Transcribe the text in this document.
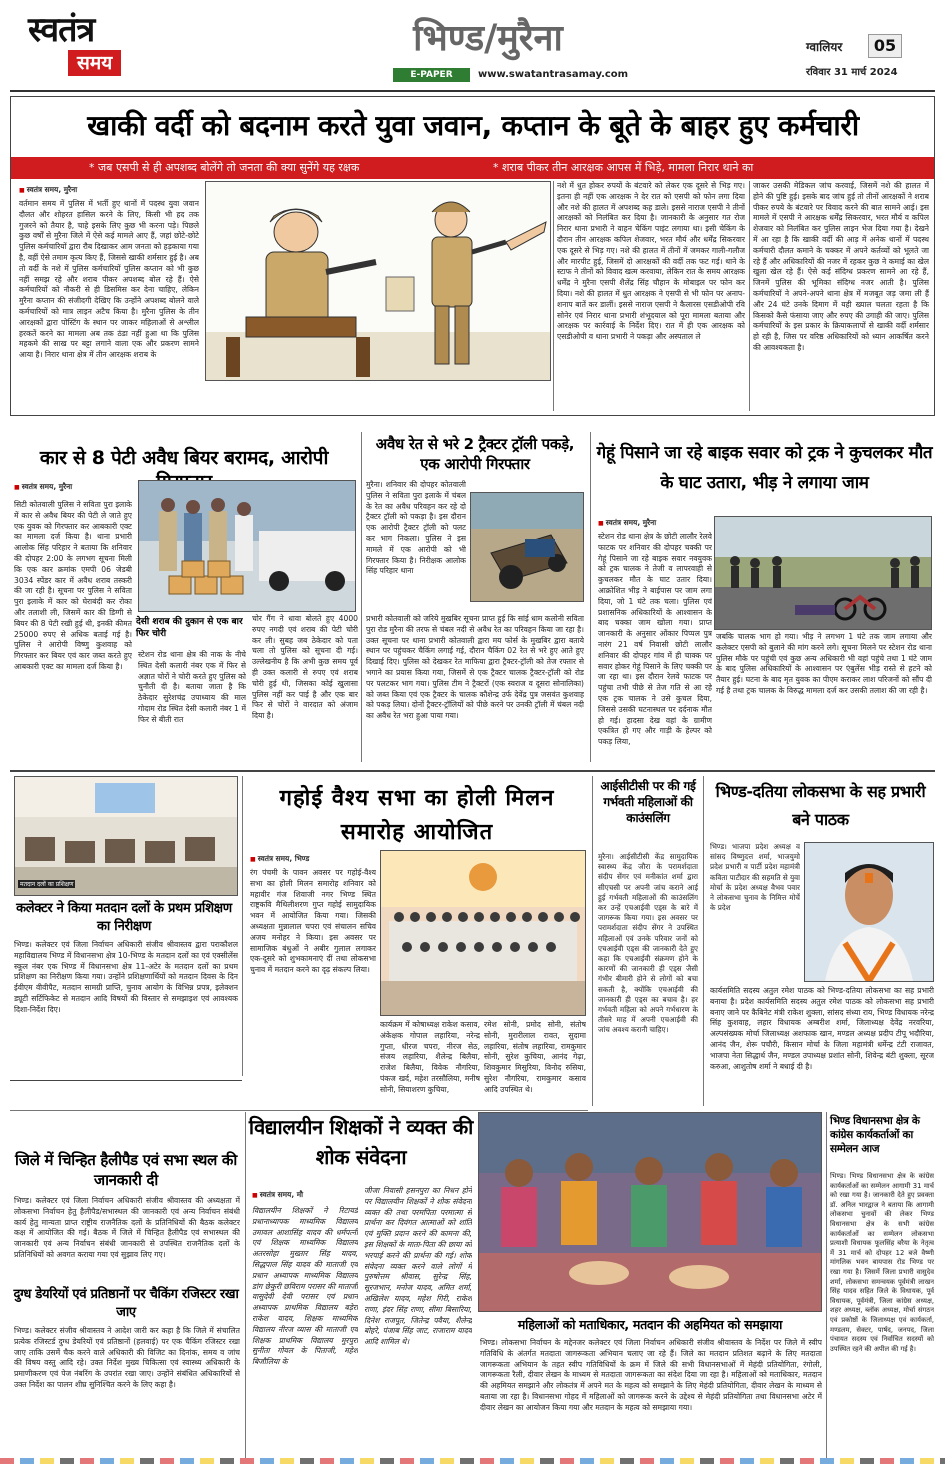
स्वतंत्र
समय
भिण्ड/मुरैना
E-PAPER	www.swatantrasamay.com
ग्वालियर	05
रविवार 31 मार्च 2024
खाकी वर्दी को बदनाम करते युवा जवान, कप्तान के बूते के बाहर हुए कर्मचारी
* जब एसपी से ही अपशब्द बोलेंगे तो जनता की क्या सुनेंगे यह रक्षक	* शराब पीकर तीन आरक्षक आपस में भिड़े, मामला निरार थाने का
■ स्वतंत्र समय, मुरैना
वर्तमान समय में पुलिस में भर्ती हुए थानों में पदस्थ युवा जवान दौलत और शोहरत हासिल करने के लिए, किसी भी हद तक गुजरने को तैयार है, चाहे इसके लिए कुछ भी करना पड़े। पिछले कुछ वर्षों से मुरैना जिले में ऐसे कई मामले आए हैं, जहां छोटे-छोटे पुलिस कर्मचारियों द्वारा रौब दिखाकर आम जनता को हड़काया गया है, वहीं ऐसे तमाम कृत्य किए हैं, जिससे खाकी शर्मसार हुई है। अब तो वर्दी के नशे में पुलिस कर्मचारियों पुलिस कप्तान को भी कुछ नहीं समझ रहे और शराब पीकर अपशब्द बोल रहे हैं। ऐसे कर्मचारियों को नौकरी से ही डिसमिस कर देना चाहिए, लेकिन मुरैना कप्तान की संजीदगी देखिए कि उन्होंने अपशब्द बोलने वाले कर्मचारियों को मात्र लाइन अटैच किया है। मुरैना पुलिस के तीन आरक्षकों द्वारा पोस्टिंग के स्थान पर जाकर महिलाओं से अश्लील हरकतें करने का मामला अब तक ठंडा नहीं हुआ था कि पुलिस महकमे की साख पर बट्टा लगाने वाला एक और प्रकरण सामने आया है। निरार थाना क्षेत्र में तीन आरक्षक शराब के
नशे में धुत होकर रुपयों के बंटवारे को लेकर एक दूसरे से भिड़ गए। इतना ही नहीं एक आरक्षक ने देर रात को एसपी को फोन लगा दिया और नशे की हालत में अपशब्द कह डाले। इससे नाराज एसपी ने तीनों आरक्षकों को निलंबित कर दिया है। जानकारी के अनुसार गत रोज निरार थाना प्रभारी ने वाहन चेकिंग पाइंट लगाया था। इसी चेकिंग के दौरान तीन आरक्षक कपिल शेजवार, भरत मौर्य और धर्मेंद्र सिकरवार एक दूसरे से भिड़ गए। नशे की हालत में तीनों में जमकर गाली-गलौज और मारपीट हुई, जिसमें दो आरक्षकों की वर्दी तक फट गई। थाने के स्टाफ ने तीनों को विवाद खत्म करवाया, लेकिन रात के समय आरक्षक धर्मेंद्र ने मुरैना एसपी शैलेंद्र सिंह चौहान के मोबाइल पर फोन कर दिया। नशे की हालत में धुत आरक्षक ने एसपी से भी फोन पर अनाप-शनाप बातें कर डालीं। इससे नाराज एसपी ने कैलारस एसडीओपी रवि सोनेर एवं निरार थाना प्रभारी शंभूदयाल को पूरा मामला बताया और आरक्षक पर कार्रवाई के निर्देश दिए। रात में ही एक आरक्षक को एसडीओपी व थाना प्रभारी ने पकड़ा और अस्पताल ले
जाकर उसकी मेडिकल जांच करवाई, जिसमें नशे की हालत में होने की पुष्टि हुई। इसके बाद जांच हुई तो तीनों आरक्षकों ने शराब पीकर रुपये के बंटवारे पर विवाद करने की बात सामने आई। इस मामले में एसपी ने आरक्षक धर्मेंद्र सिकरवार, भरत मौर्य व कपिल शेजवार को निलंबित कर पुलिस लाइन भेज दिया गया है। देखने में आ रहा है कि खाकी वर्दी की आड़ में अनेक थानों में पदस्थ कर्मचारी दौलत कमाने के चक्कर में अपने कर्तव्यों को भूलते जा रहे हैं और अधिकारियों की नजर में रहकर कुछ ने कमाई का खेल खुला खेल रहे हैं। ऐसे कई संदिग्ध प्रकरण सामने आ रहे हैं, जिनमें पुलिस की भूमिका संदिग्ध नजर आती है। पुलिस कर्मचारियों ने अपने-अपने थाना क्षेत्र में मजबूत जड़ जमा ली हैं और 24 घंटे उनके दिमाग में यही ख्याल चलता रहता है कि किसको कैसे फंसाया जाए और रुपए की उगाही की जाए। पुलिस कर्मचारियों के इस प्रकार के क्रियाकलापों से खाकी वर्दी शर्मसार हो रही है, जिस पर वरिष्ठ अधिकारियों को ध्यान आकर्षित करने की आवश्यकता है।
कार से 8 पेटी अवैध बियर बरामद, आरोपी
■ स्वतंत्र समय, मुरैना
सिटी कोतवाली पुलिस ने सविता पुरा इलाके में कार से अवैध बियर की पेटी ले जाते हुए एक युवक को गिरफ्तार कर आबकारी एक्ट का मामला दर्ज किया है। थाना प्रभारी आलोक सिंह परिहार ने बताया कि शनिवार की दोपहर 2:00 के लगभग सूचना मिली कि एक कार क्रमांक एमपी 06 जेडबी 3034 स्पेंडर कार में अवैध शराब तस्करी की जा रही है। सूचना पर पुलिस ने सविता पुरा इलाके में कार को घेराबंदी कर रोका और तलाशी ली, जिसमें कार की डिग्गी से बियर की 8 पेटी रखी हुई थी, इनकी कीमत 25000 रुपए से अधिक बताई गई है। पुलिस ने आरोपी विष्णु कुशवाह को गिरफ्तार कर बियर एवं कार जब्त करते हुए आबकारी एक्ट का मामला दर्ज किया है।
देसी शराब की दुकान से एक बार फिर चोरी
स्टेशन रोड थाना क्षेत्र की नाक के नीचे स्थित देसी कलारी नंबर एक में फिर से अज्ञात चोरों ने चोरी करते हुए पुलिस को चुनौती दी है। बताया जाता है कि ठेकेदार सुरेशचंद्र उपाध्याय की माल गोदाम रोड स्थित देसी कलारी नंबर 1 में फिर से बीती रात
चोर गैंग ने धावा बोलते हुए 4000 रुपए नगदी एवं शराब की पेटी चोरी कर ली। सुबह जब ठेकेदार को पता चला तो पुलिस को सूचना दी गई। उल्लेखनीय है कि अभी कुछ समय पूर्व ही उक्त कलारी से रुपए एवं शराब चोरी हुई थी, जिसका कोई खुलासा पुलिस नहीं कर पाई है और एक बार फिर से चोरों ने वारदात को अंजाम दिया है।
अवैध रेत से भरे 2 ट्रैक्टर ट्रॉली पकड़े, एक आरोपी गिरफ्तार
मुरैना। शनिवार की दोपहर कोतवाली पुलिस ने सविता पुरा इलाके में चंबल के रेत का अवैध परिवहन कर रहे दो ट्रैक्टर ट्रॉली को पकड़ा है। इस दौरान एक आरोपी ट्रैक्टर ट्रॉली को पलट कर भाग निकला। पुलिस ने इस मामले में एक आरोपी को भी गिरफ्तार किया है। निरीक्षक आलोक सिंह परिहार थाना
प्रभारी कोतवाली को जरिये मुखबिर सूचना प्राप्त हुई कि सांई धाम कलोनी सविता पुरा रोड मुरैना की तरफ से चंबल नदी से अवैध रेत का परिवहन किया जा रहा है। उक्त सूचना पर थाना प्रभारी कोतवाली द्वारा मय फोर्स के मुखबिर द्वारा बताये स्थान पर पहुंचकर चैकिंग लगाई गई, दौरान चैकिंग 02 रेत से भरे हुए आते हुए दिखाई दिए। पुलिस को देखकर रेत माफिया द्वारा ट्रैक्टर-ट्रॉली को तेज रफ्तार से भगाने का प्रयास किया गया, जिसमें से एक ट्रैक्टर चालक ट्रैक्टर-ट्रॉली को रोड पर पलटकर भाग गया। पुलिस टीम ने ट्रैक्टरों (एक स्वराज व दूसरा सोनालिका) को जब्त किया एवं एक ट्रैक्टर के चालक कौशेन्द्र उर्फ देवेंद्र पुत्र जसवंत कुशवाह को पकड़ लिया। दोनों ट्रैक्टर-ट्रॉलियों को पीछे करने पर उनकी ट्रॉली में चंबल नदी का अवैध रेत भरा हुआ पाया गया।
गेहूं पिसाने जा रहे बाइक सवार को ट्रक ने कुचलकर मौत के घाट उतारा, भीड़ ने लगाया जाम
■ स्वतंत्र समय, मुरैना
स्टेशन रोड थाना क्षेत्र के छोटी लालौर रेलवे फाटक पर शनिवार की दोपहर चक्की पर गेहूं पिसाने जा रहे बाइक सवार नवयुवक को ट्रक चालक ने तेजी व लापरवाही से कुचलकर मौत के घाट उतार दिया। आक्रोशित भीड़ ने बाईपास पर जाम लगा दिया, जो 1 घंटे तक चला। पुलिस एवं प्रशासनिक अधिकारियों के आश्वासन के बाद चक्का जाम खोला गया। प्राप्त जानकारी के अनुसार ओंकार पिप्पल पुत्र नारंग 21 वर्ष निवासी छोटी लालौर शनिवार की दोपहर गांव में ही चाक्क पर सवार होकर गेहूं पिसाने के लिए चक्की पर जा रहा था। इस दौरान रेलवे फाटक पर पहुंचा तभी पीछे से तेज गति से आ रहे एक ट्रक चालक ने उसे कुचल दिया, जिससे उसकी घटनास्थल पर दर्दनाक मौत हो गई। हादसा देख वहां के ग्रामीण एकत्रित हो गए और गाड़ी के हेल्पर को पकड़ लिया,
जबकि चालक भाग हो गया। भीड़ ने लगभग 1 घंटे तक जाम लगाया और कलेक्टर एसपी को बुलाने की मांग करने लगे। सूचना मिलने पर स्टेशन रोड थाना पुलिस मौके पर पहुंची एवं कुछ अन्य अधिकारी भी वहां पहुंचे तथा 1 घंटे जाम के बाद पुलिस अधिकारियों के आश्वासन पर एंबुलेंस भीड़ रास्ते से हटने को तैयार हुई। घटना के बाद मृत युवक का पीएम कराकर लाश परिजनों को सौंप दी गई है तथा ट्रक चालक के विरुद्ध मामला दर्ज कर उसकी तलाश की जा रही है।
मतदान दलों का प्रशिक्षण
कलेक्टर ने किया मतदान दलों के प्रथम प्रशिक्षण का निरीक्षण
भिण्ड। कलेक्टर एवं जिला निर्वाचन अधिकारी संजीव श्रीवास्तव द्वारा पराकौशल महाविद्यालय भिण्ड में विधानसभा क्षेत्र 10-भिण्ड के मतदान दलों का एवं एक्सीलेंस स्कूल नंबर एक भिण्ड में विधानसभा क्षेत्र 11-अटेर के मतदान दलों का प्रथम प्रशिक्षण का निरीक्षण किया गया। उन्होंने प्रशिक्षणार्थियों को मतदान दिवस के दिन ईवीएम वीवीपैट, मतदान सामग्री प्राप्ति, चुनाव आयोग के विभिन्न प्रपत्र, इलेक्शन ड्यूटी सर्टिफिकेट से मतदान आदि विषयों की विस्तार से समझाइश एवं आवश्यक दिशा-निर्देश दिए।
गहोई वैश्य सभा का होली मिलन समारोह आयोजित
■ स्वतंत्र समय, भिण्ड
रंग पंचमी के पावन अवसर पर गहोई-वैश्य सभा का होली मिलन समारोह शनिवार को महावीर गंज शिवाजी नगर भिण्ड स्थित राष्ट्रकवि मैथिलीशरण गुप्त गहोई सामुदायिक भवन में आयोजित किया गया। जिसकी अध्यक्षता मुन्नालाल चपरा एवं संचालन सचिव अजय मनोहर ने किया। इस अवसर पर सामाजिक बंधुओं ने अबीर गुलाल लगाकर एक-दूसरे को शुभकामनाएं दीं तथा लोकसभा चुनाव में मतदान करने का दृढ़ संकल्प लिया।
कार्यक्रम में कोषाध्यक्ष राकेश कसाव, अंकेक्षक गोपाल लहारिया, नरेन्द्र गुप्ता, धीरज चपरा, नीरज सेठ, संजय लहारिया, शैलेन्द्र बिलैया, राजेश बिलैया, विवेक नौगरिया, पंकज खर्द, महेश तरसौलिया, मनीष सोनी, सियाशरण कुचिया,
रमेश सोनी, प्रमोद सोनी, संतोष सोनी, मुरारीलाल रावत, सुदामा लहारिया, संतोष लहारिया, रामकुमार सोनी, सुरेश कुचिया, आनंद गेढ़ा, शिवकुमार मिसुरिया, विनोद रुसिया, सुरेश नौगरिया, रामकुमार कसाव आदि उपस्थित थे।
आईसीटीसी पर की गई गर्भवती महिलाओं की काउंसलिंग
मुरैना। आईसीटीसी केंद्र सामुदायिक स्वास्थ्य केंद्र जौरा के परामर्शदाता संदीप सेंगर एवं मनीकांत शर्मा द्वारा सीएचसी पर अपनी जांच कराने आई हुई गर्भवती महिलाओं की काउंसलिंग कर उन्हें एचआईवी एड्स के बारे में जागरूक किया गया। इस अवसर पर परामर्शदाता संदीप सेंगर ने उपस्थित महिलाओं एवं उनके परिवार जनों को एचआईवी एड्स की जानकारी देते हुए कहा कि एचआईवी संक्रमण होने के कारणों की जानकारी ही एड्स जैसी गंभीर बीमारी होने से लोगों को बचा सकती है, क्योंकि एचआईवी की जानकारी ही एड्स का बचाव है। हर गर्भवती महिला को अपने गर्भधारण के तीसरे माह में अपनी एचआईवी की जांच अवश्य करानी चाहिए।
भिण्ड-दतिया लोकसभा के सह प्रभारी बने पाठक
भिण्ड। भाजपा प्रदेश अध्यक्ष व सांसद विष्णुदत्त शर्मा, भाजयुमो प्रदेश प्रभारी व पार्टी प्रदेश महामंत्री कविता पाटीदार की सहमति से युवा मोर्चा के प्रदेश अध्यक्ष वैभव पवार ने लोकसभा चुनाव के निमित्त मोर्चे के प्रदेश
कार्यसमिति सदस्य अतुल रमेश पाठक को भिण्ड-दतिया लोकसभा का सह प्रभारी बनाया है। प्रदेश कार्यसमिति सदस्य अतुल रमेश पाठक को लोकसभा सह प्रभारी बनाए जाने पर कैबिनेट मंत्री राकेश शुक्ला, सांसद संध्या राय, भिण्ड विधायक नरेन्द्र सिंह कुशवाह, लहार विधायक अम्बरीश शर्मा, जिलाध्यक्ष देवेंद्र नरवरिया, अल्पसंख्यक मोर्चा जिलाध्यक्ष अशफाक खान, मण्डल अध्यक्ष प्रदीप टीपू भदौरिया, आनंद जैन, शेरू पचौरी, किसान मोर्चा के जिला महामंत्री धर्मेन्द्र टंटी राजावत, भाजपा नेता सिद्धार्थ जैन, मण्डल उपाध्यक्ष प्रशांत सोनी, शिवेन्द्र बंटी शुक्ला, सूरज करुआ, आशुतोष शर्मा ने बधाई दी है।
जिले में चिन्हित हैलीपैड एवं सभा स्थल की जानकारी दी
भिण्ड। कलेक्टर एवं जिला निर्वाचन अधिकारी संजीव श्रीवास्तव की अध्यक्षता में लोकसभा निर्वाचन हेतु हैलीपैड/सभास्थल की जानकारी एवं अन्य निर्वाचन संबंधी कार्य हेतु मान्यता प्राप्त राष्ट्रीय राजनैतिक दलों के प्रतिनिधियों की बैठक कलेक्टर कक्ष में आयोजित की गई। बैठक में जिले में चिन्हित हैलीपैड एवं सभास्थल की जानकारी एवं अन्य निर्वाचन संबंधी जानकारी से उपस्थित राजनैतिक दलों के प्रतिनिधियों को अवगत कराया गया एवं सुझाव लिए गए।
दुग्ध डेयरियों एवं प्रतिष्ठानों पर चैकिंग रजिस्टर रखा जाए
भिण्ड। कलेक्टर संजीव श्रीवास्तव ने आदेश जारी कर कहा है कि जिले में संचालित प्रत्येक रजिस्टर्ड दुग्ध डेयरियों एवं प्रतिष्ठानों (हलवाई) पर एक चैकिंग रजिस्टर रखा जाए ताकि उसमें चैक करने वाले अधिकारी की विजिट का दिनांक, समय व जांच की विषय वस्तु आदि रहे। उक्त निर्देश मुख्य चिकित्सा एवं स्वास्थ्य अधिकारी के प्रमाणीकरण एवं पेज नंबरिंग के उपरांत रखा जाए। उन्होंने संबंधित अधिकारियों से उक्त निर्देश का पालन शीघ्र सुनिश्चित करने के लिए कहा है।
विद्यालयीन शिक्षकों ने व्यक्त की शोक संवेदना
■ स्वतंत्र समय, मौ
विद्यालयीन शिक्षकों ने रिटायर्ड प्रधानाध्यापक माध्यमिक विद्यालय उमावल आशासिंह यादव की धर्मपत्नी एवं शिक्षक माध्यमिक विद्यालय अतरसोहा मुख्तार सिंह यादव, सिद्धपाल सिंह यादव की माताजी एवं प्रधान अध्यापक माध्यमिक विद्यालय डांग छेकुरी छविराम परासर की माताजी वासुदेवी देवी परासर एवं प्रधान अध्यापक प्राथमिक विद्यालय बड़ेरा राकेश यादव, शिक्षक माध्यमिक विद्यालय नीरज व्यास की माताजी एवं शिक्षक प्राथमिक विद्यालय मुरपुरा सुनीता गोयल के पिताजी, महेश बिजौलिया के
जीजा निवासी हसनपुरा का निधन होने पर विद्यालयीन शिक्षकों ने शोक संवेदना व्यक्त की तथा परमपिता परमात्मा से प्रार्थना कर दिवंगत आत्माओं को शांति एवं मुक्ति प्रदान करने की कामना की, इस शिक्षकों के माता-पिता की छाया को भरपाई करने की प्रार्थना की गई। शोक संवेदना व्यक्त करने वाले लोगों में पुरुषोत्तम श्रीवास, सुरेन्द्र सिंह, सूरजभान, मनोज यादव, अमित शर्मा, अखिलेश यादव, महेश गिरी, राकेश राणा, इंदर सिंह राणा, सीमा बिसारिया, दिनेश राजपूत, जितेन्द्र पवैया, शैलेन्द्र बोहरे, पंजाब सिंह जाट, राजाराम यादव आदि शामिल थे।
महिलाओं को मताधिकार, मतदान की अहमियत को समझाया
भिण्ड। लोकसभा निर्वाचन के मद्देनजर कलेक्टर एवं जिला निर्वाचन अधिकारी संजीव श्रीवास्तव के निर्देश पर जिले में स्वीप गतिविधि के अंतर्गत मतदाता जागरूकता अभियान चलाए जा रहे हैं। जिले का मतदान प्रतिशत बढ़ाने के लिए मतदाता जागरूकता अभियान के तहत स्वीप गतिविधियों के क्रम में जिले की सभी विधानसभाओं में मेहंदी प्रतियोगिता, रंगोली, जागरूकता रैली, दीवार लेखन के माध्यम से मतदाता जागरूकता का संदेश दिया जा रहा है। महिलाओं को मताधिकार, मतदान की अहमियत समझाने और लोकतंत्र में अपने मत के महत्व को समझाने के लिए मेहंदी प्रतियोगिता, दीवार लेखन के माध्यम से बताया जा रहा है। विधानसभा गोहद में महिलाओं को जागरूक करने के उद्देश्य से मेहंदी प्रतियोगिता तथा विधानसभा अटेर में दीवार लेखन का आयोजन किया गया और मतदान के महत्व को समझाया गया।
भिण्ड विधानसभा क्षेत्र के कांग्रेस कार्यकर्ताओं का सम्मेलन आज
भिण्ड। भिण्ड विधानसभा क्षेत्र के कांग्रेस कार्यकर्ताओं का सम्मेलन आगामी 31 मार्च को रखा गया है। जानकारी देते हुए प्रवक्ता डॉ. अनिल भारद्वाज ने बताया कि आगामी लोकसभा चुनावों की लेकर भिण्ड विधानसभा क्षेत्र के सभी कांग्रेस कार्यकर्ताओं का सम्मेलन लोकसभा प्रत्याशी विधायक फूलसिंह बरैया के नेतृत्व में 31 मार्च को दोपहर 12 बजे वैष्णी मांगलिक भवन बायपास रोड भिण्ड पर रखा गया है। जिसमें जिला प्रभारी वासुदेव शर्मा, लोकसभा समन्वयक पूर्वमंत्री लाखन सिंह यादव सहित जिले के विधायक, पूर्व विधायक, पूर्वमंत्री, जिला कांग्रेस अध्यक्ष, शहर अध्यक्ष, ब्लॉक अध्यक्ष, मोर्चा संगठन एवं प्रकोष्ठों के जिलाध्यक्ष एवं कार्यकर्ता, मण्डलम, सेक्टर, पार्षद, जनपद, जिला पंचायत सदस्य एवं निर्वाचित सदस्यों को उपस्थित रहने की अपील की गई है।
